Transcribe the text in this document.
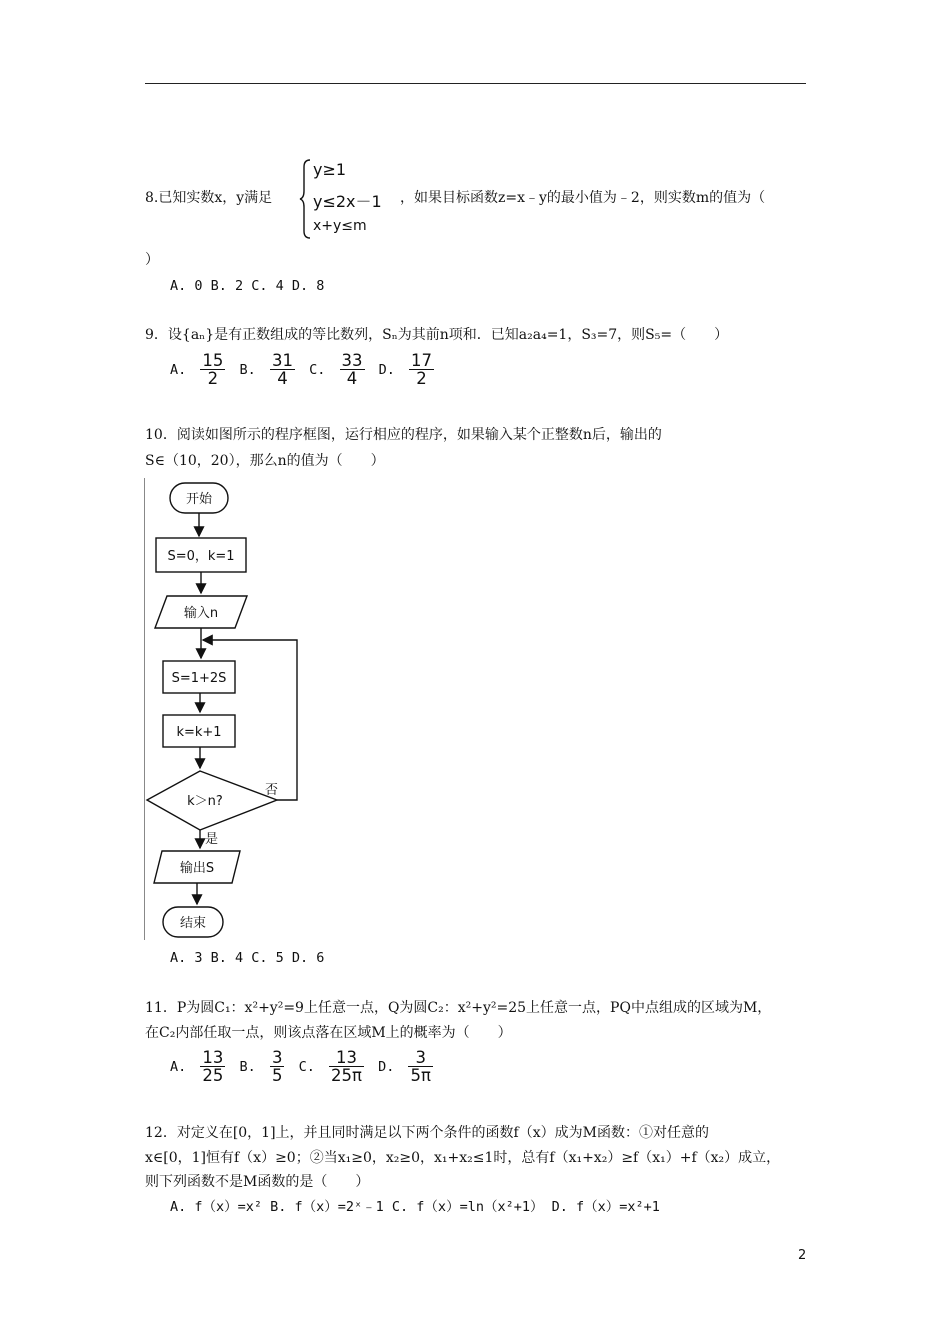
8.已知实数x，y满足
y≥1
y≤2x－1
x+y≤m
，如果目标函数z=x﹣y的最小值为﹣2，则实数m的值为（
）
A. 0 B. 2 C. 4 D. 8
9．设{aₙ}是有正数组成的等比数列，Sₙ为其前n项和．已知a₂a₄=1，S₃=7，则S₅=（　　）
A. $\frac{15}{2} B$. $\frac{31}{4} C$. $\frac{33}{4} D$. $\frac{17}{2}$
10．阅读如图所示的程序框图，运行相应的程序，如果输入某个正整数n后，输出的
S∈（10，20），那么n的值为（　　）
开始
S=0，k=1
输入n
S=1+2S
k=k+1
k＞n?
否
是
输出S
结束
A. 3 B. 4 C. 5 D. 6
11．P为圆C₁：x²+y²=9上任意一点，Q为圆C₂：x²+y²=25上任意一点，PQ中点组成的区域为M，
在C₂内部任取一点，则该点落在区域M上的概率为（　　）
A. $\frac{13}{25} B$. $\frac{3}{5} C$. $\frac{13}{25\pi} D$. $\frac{3}{5\pi}$
12．对定义在[0，1]上，并且同时满足以下两个条件的函数f（x）成为M函数：①对任意的
x∈[0，1]恒有f（x）≥0；②当x₁≥0，x₂≥0，x₁+x₂≤1时，总有f（x₁+x₂）≥f（x₁）+f（x₂）成立，
则下列函数不是M函数的是（　　）
A. f（x）=x² B. f（x）=2ˣ﹣1 C. f（x）=ln（x²+1） D. f（x）=x²+1
2
